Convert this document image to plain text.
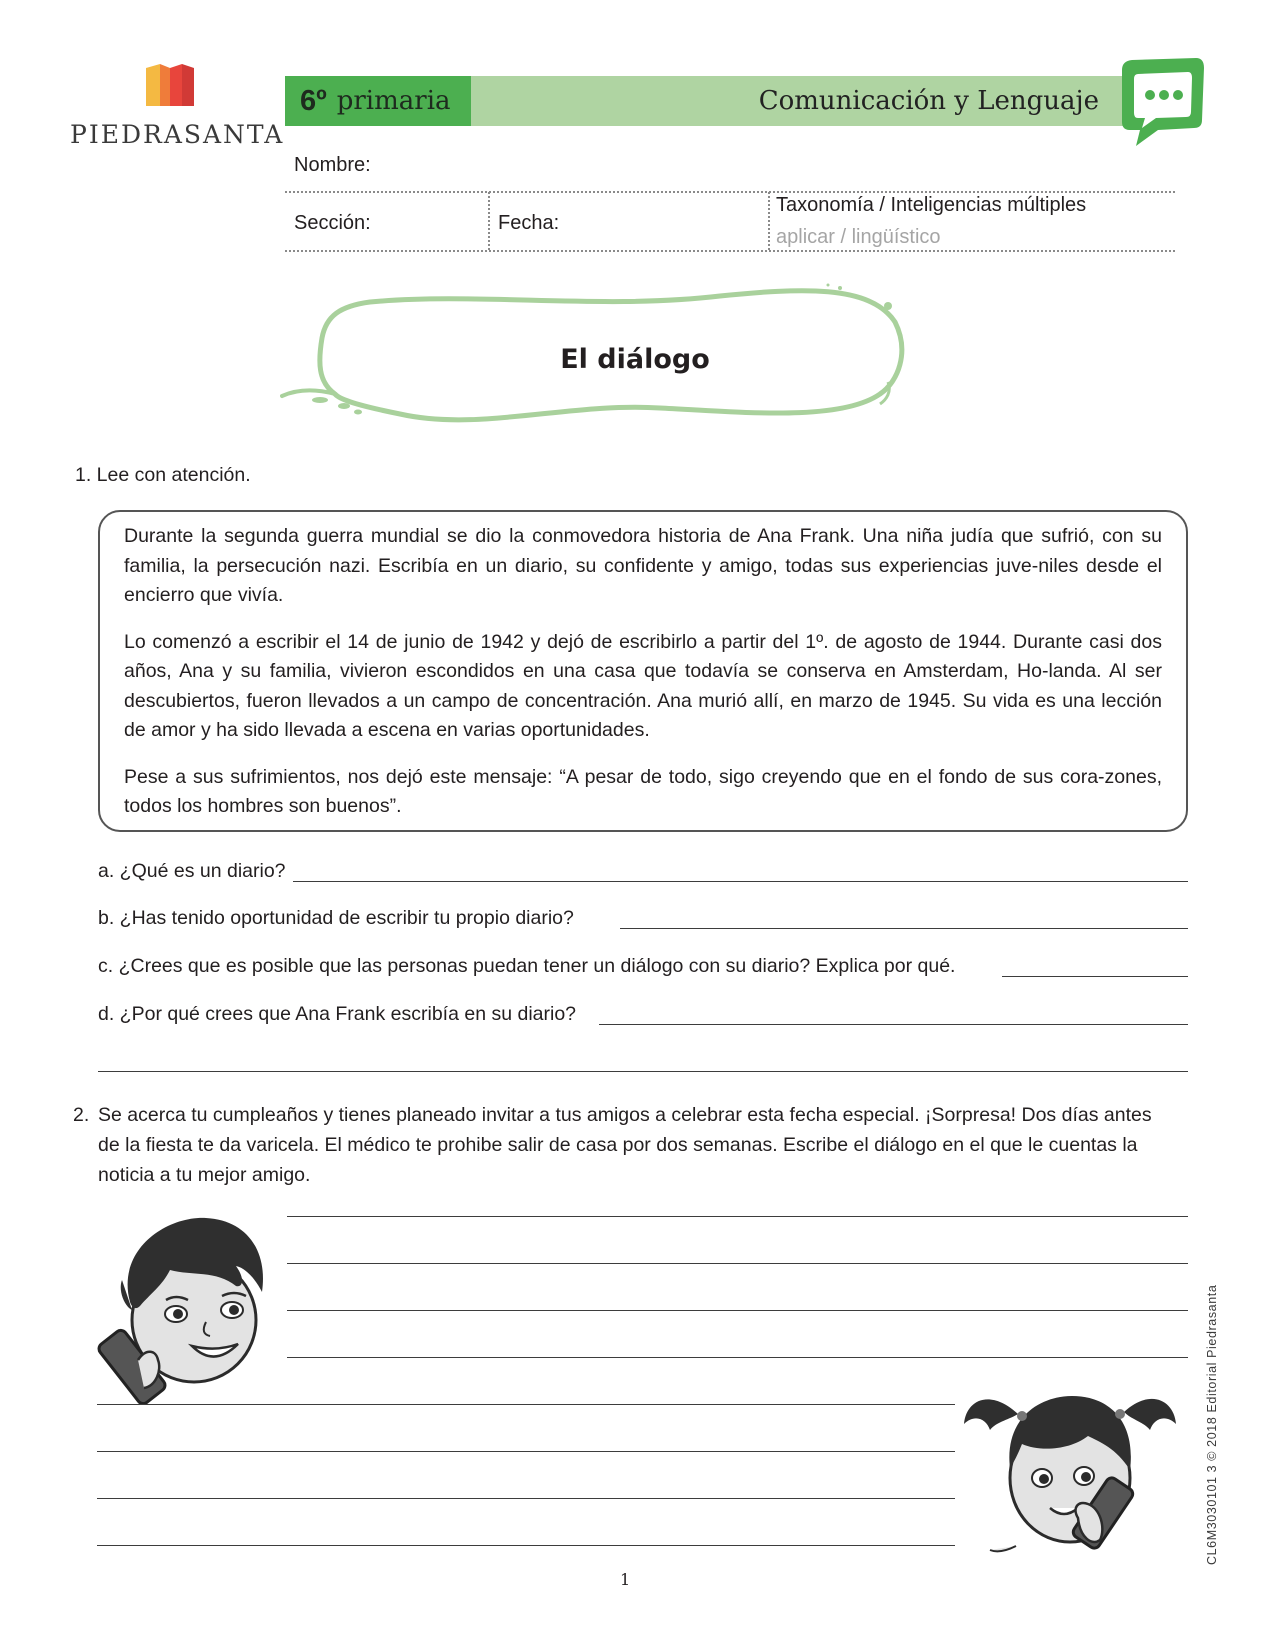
PIEDRASANTA
6º primaria	Comunicación y Lenguaje
Nombre:
Sección:	Fecha:
Taxonomía / Inteligencias múltiples
aplicar / lingüístico
El diálogo
1. Lee con atención.

Durante la segunda guerra mundial se dio la conmovedora historia de Ana Frank. Una niña judía que sufrió, con su familia, la persecución nazi. Escribía en un diario, su confidente y amigo, todas sus experiencias juve-niles desde el encierro que vivía.

Lo comenzó a escribir el 14 de junio de 1942 y dejó de escribirlo a partir del 1º. de agosto de 1944. Durante casi dos años, Ana y su familia, vivieron escondidos en una casa que todavía se conserva en Amsterdam, Ho-landa. Al ser descubiertos, fueron llevados a un campo de concentración. Ana murió allí, en marzo de 1945. Su vida es una lección de amor y ha sido llevada a escena en varias oportunidades.

Pese a sus sufrimientos, nos dejó este mensaje: “A pesar de todo, sigo creyendo que en el fondo de sus cora-zones, todos los hombres son buenos”.

a. ¿Qué es un diario?
b. ¿Has tenido oportunidad de escribir tu propio diario?
c. ¿Crees que es posible que las personas puedan tener un diálogo con su diario? Explica por qué.
d. ¿Por qué crees que Ana Frank escribía en su diario?
2. Se acerca tu cumpleaños y tienes planeado invitar a tus amigos a celebrar esta fecha especial. ¡Sorpresa! Dos días antes de la fiesta te da varicela. El médico te prohibe salir de casa por dos semanas. Escribe el diálogo en el que le cuentas la noticia a tu mejor amigo.
1
CL6M3030101 3 © 2018 Editorial Piedrasanta
